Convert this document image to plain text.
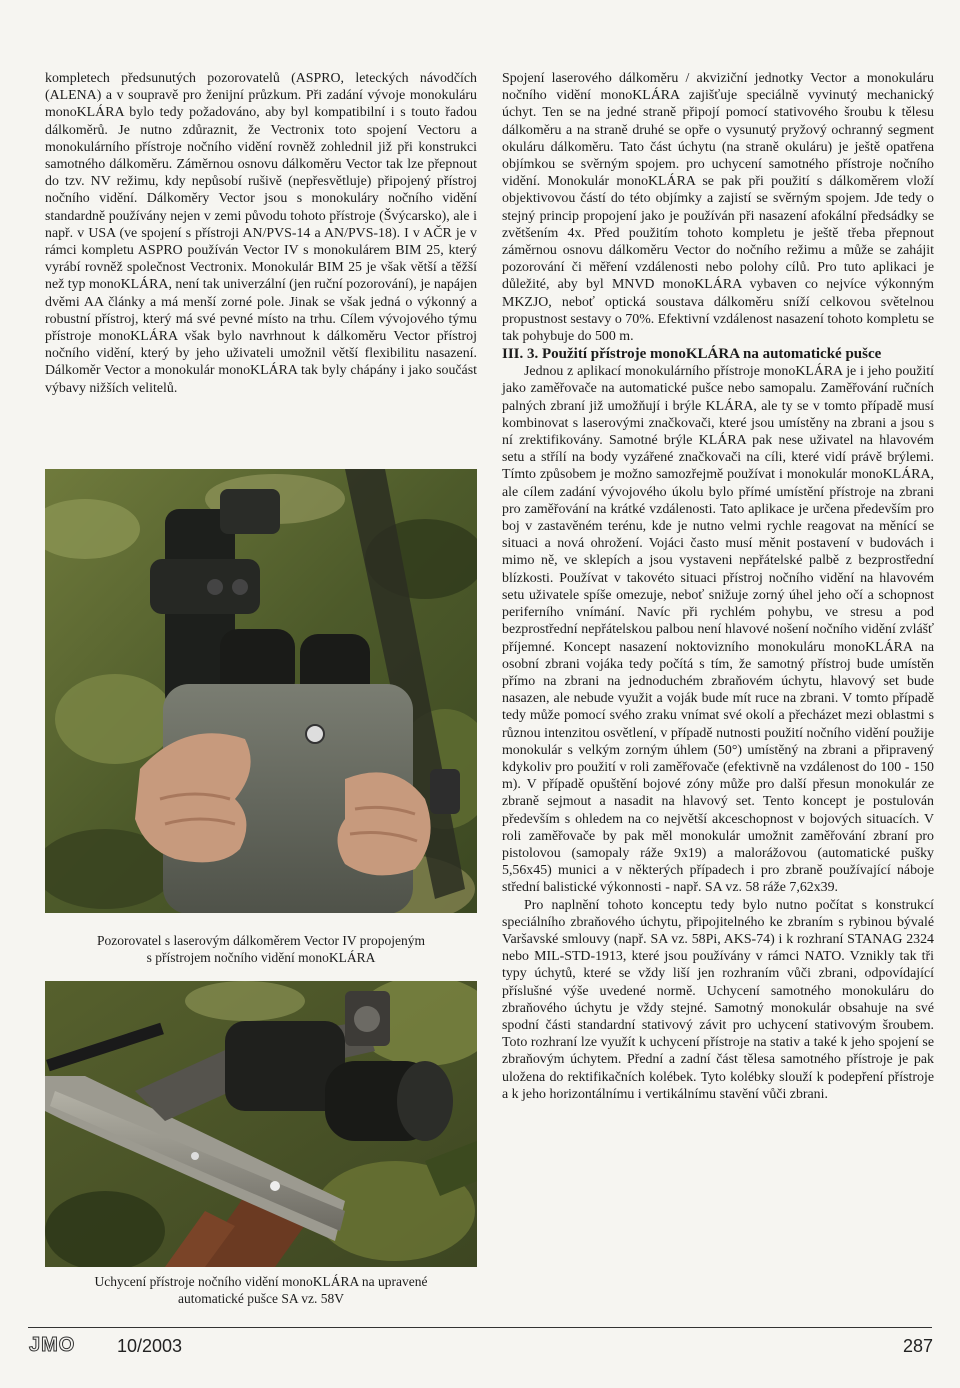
kompletech předsunutých pozorovatelů (ASPRO, leteckých návodčích (ALENA) a v soupravě pro ženijní průzkum. Při zadání vývoje monokuláru monoKLÁRA bylo tedy požadováno, aby byl kompatibilní i s touto řadou dálkoměrů. Je nutno zdůraznit, že Vectronix toto spojení Vectoru a monokulárního přístroje nočního vidění rovněž zohlednil již při konstrukci samotného dálkoměru. Záměrnou osnovu dálkoměru Vector tak lze přepnout do tzv. NV režimu, kdy nepůsobí rušivě (nepřesvětluje) připojený přístroj nočního vidění. Dálkoměry Vector jsou s monokuláry nočního vidění standardně používány nejen v zemi původu tohoto přístroje (Švýcarsko), ale i např. v USA (ve spojení s přístroji AN/PVS-14 a AN/PVS-18). I v AČR je v rámci kompletu ASPRO používán Vector IV s monokulárem BIM 25, který vyrábí rovněž společnost Vectronix. Monokulár BIM 25 je však větší a těžší než typ monoKLÁRA, není tak univerzální (jen ruční pozorování), je napájen dvěmi AA články a má menší zorné pole. Jinak se však jedná o výkonný a robustní přístroj, který má své pevné místo na trhu. Cílem vývojového týmu přístroje monoKLÁRA však bylo navrhnout k dálkoměru Vector přístroj nočního vidění, který by jeho uživateli umožnil větší flexibilitu nasazení. Dálkoměr Vector a monokulár monoKLÁRA tak byly chápány i jako součást výbavy nižších velitelů.

Pozorovatel s laserovým dálkoměrem Vector IV propojeným
s přístrojem nočního vidění monoKLÁRA
Uchycení přístroje nočního vidění monoKLÁRA na upravené
automatické pušce SA vz. 58V

Spojení laserového dálkoměru / akviziční jednotky Vector a monokuláru nočního vidění monoKLÁRA zajišťuje speciálně vyvinutý mechanický úchyt. Ten se na jedné straně připojí pomocí stativového šroubu k tělesu dálkoměru a na straně druhé se opře o vysunutý pryžový ochranný segment okuláru dálkoměru. Tato část úchytu (na straně okuláru) je ještě opatřena objímkou se svěrným spojem. pro uchycení samotného přístroje nočního vidění. Monokulár monoKLÁRA se pak při použití s dálkoměrem vloží objektivovou částí do této objímky a zajistí se svěrným spojem. Jde tedy o stejný princip propojení jako je používán při nasazení afokální předsádky se zvětšením 4x. Před použitím tohoto kompletu je ještě třeba přepnout záměrnou osnovu dálkoměru Vector do nočního režimu a může se zahájit pozorování či měření vzdálenosti nebo polohy cílů. Pro tuto aplikaci je důležité, aby byl MNVD monoKLÁRA vybaven co nejvíce výkonným MKZJO, neboť optická soustava dálkoměru sníží celkovou světelnou propustnost sestavy o 70%. Efektivní vzdálenost nasazení tohoto kompletu se tak pohybuje do 500 m.

III. 3. Použití přístroje monoKLÁRA na automatické pušce

Jednou z aplikací monokulárního přístroje monoKLÁRA je i jeho použití jako zaměřovače na automatické pušce nebo samopalu. Zaměřování ručních palných zbraní již umožňují i brýle KLÁRA, ale ty se v tomto případě musí kombinovat s laserovými značkovači, které jsou umístěny na zbrani a jsou s ní zrektifikovány. Samotné brýle KLÁRA pak nese uživatel na hlavovém setu a střílí na body vyzářené značkovači na cíli, které vidí právě brýlemi. Tímto způsobem je možno samozřejmě používat i monokulár monoKLÁRA, ale cílem zadání vývojového úkolu bylo přímé umístění přístroje na zbrani pro zaměřování na krátké vzdálenosti. Tato aplikace je určena především pro boj v zastavěném terénu, kde je nutno velmi rychle reagovat na měnící se situaci a nová ohrožení. Vojáci často musí měnit postavení v budovách i mimo ně, ve sklepích a jsou vystaveni nepřátelské palbě z bezprostřední blízkosti. Používat v takovéto situaci přístroj nočního vidění na hlavovém setu uživatele spíše omezuje, neboť snižuje zorný úhel jeho očí a schopnost periferního vnímání. Navíc při rychlém pohybu, ve stresu a pod bezprostřední nepřátelskou palbou není hlavové nošení nočního vidění zvlášť příjemné. Koncept nasazení noktovizního monokuláru monoKLÁRA na osobní zbrani vojáka tedy počítá s tím, že samotný přístroj bude umístěn přímo na zbrani na jednoduchém zbraňovém úchytu, hlavový set bude nasazen, ale nebude využit a voják bude mít ruce na zbrani. V tomto případě tedy může pomocí svého zraku vnímat své okolí a přecházet mezi oblastmi s různou intenzitou osvětlení, v případě nutnosti použití nočního vidění použije monokulár s velkým zorným úhlem (50°) umístěný na zbrani a připravený kdykoliv pro použití v roli zaměřovače (efektivně na vzdálenost do 100 - 150 m). V případě opuštění bojové zóny může pro další přesun monokulár ze zbraně sejmout a nasadit na hlavový set. Tento koncept je postulován především s ohledem na co největší akceschopnost v bojových situacích. V roli zaměřovače by pak měl monokulár umožnit zaměřování zbraní pro pistolovou (samopaly ráže 9x19) a malorážovou (automatické pušky 5,56x45) munici a v některých případech i pro zbraně používající náboje střední balistické výkonnosti - např. SA vz. 58 ráže 7,62x39.

Pro naplnění tohoto konceptu tedy bylo nutno počítat s konstrukcí speciálního zbraňového úchytu, připojitelného ke zbraním s rybinou bývalé Varšavské smlouvy (např. SA vz. 58Pi, AKS-74) i k rozhraní STANAG 2324 nebo MIL-STD-1913, které jsou používány v rámci NATO. Vznikly tak tři typy úchytů, které se vždy liší jen rozhraním vůči zbrani, odpovídající příslušné výše uvedené normě. Uchycení samotného monokuláru do zbraňového úchytu je vždy stejné. Samotný monokulár obsahuje na své spodní části standardní stativový závit pro uchycení stativovým šroubem. Toto rozhraní lze využít k uchycení přístroje na stativ a také k jeho spojení se zbraňovým úchytem. Přední a zadní část tělesa samotného přístroje je pak uložena do rektifikačních kolébek. Tyto kolébky slouží k podepření přístroje a k jeho horizontálnímu i vertikálnímu stavění vůči zbrani.

JMO 10/2003	287
